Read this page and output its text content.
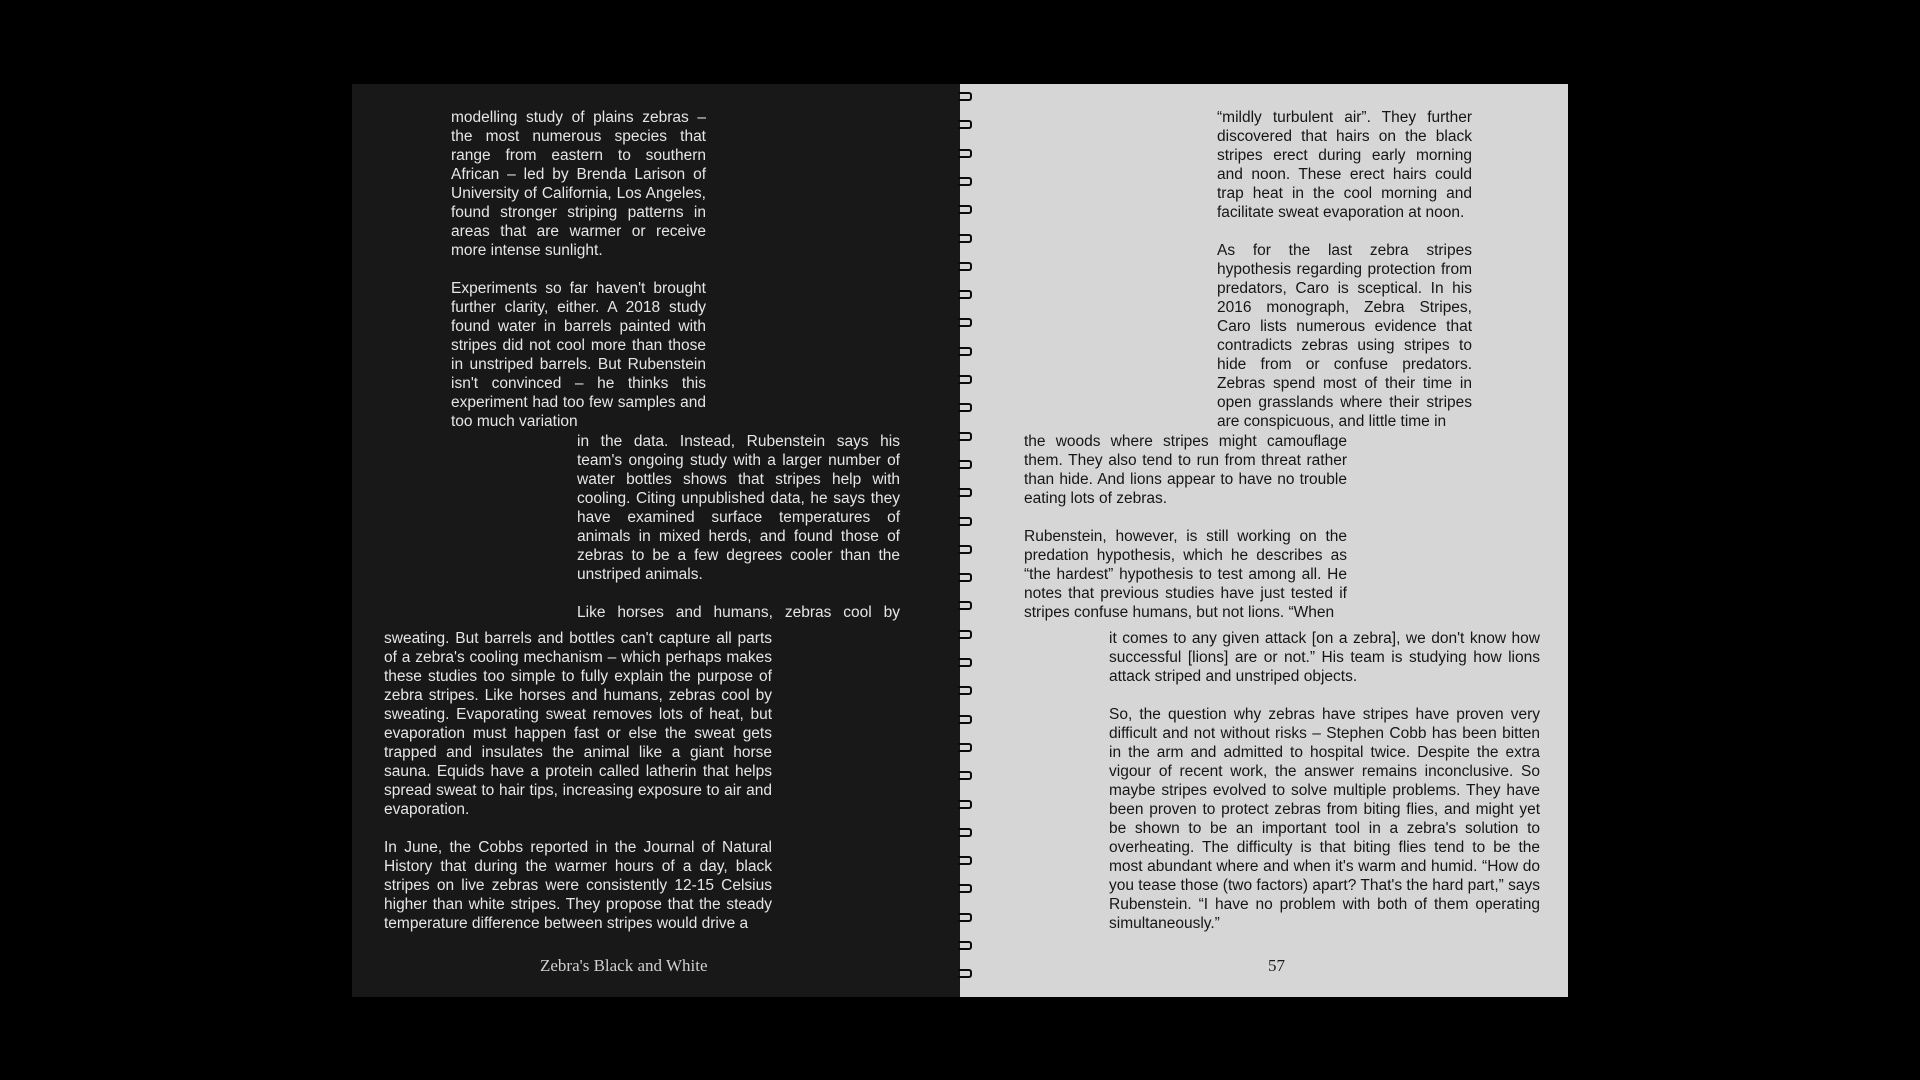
modelling study of plains zebras – the most numerous species that range from eastern to southern African – led by Brenda Larison of University of California, Los Angeles, found stronger striping patterns in areas that are warmer or receive more intense sunlight.

Experiments so far haven't brought further clarity, either. A 2018 study found water in barrels painted with stripes did not cool more than those in unstriped barrels. But Rubenstein isn't convinced – he thinks this experiment had too few samples and too much variation

in the data. Instead, Rubenstein says his team's ongoing study with a larger number of water bottles shows that stripes help with cooling. Citing unpublished data, he says they have examined surface temperatures of animals in mixed herds, and found those of zebras to be a few degrees cooler than the unstriped animals.

Like horses and humans, zebras cool by

sweating. But barrels and bottles can't capture all parts of a zebra's cooling mechanism – which perhaps makes these studies too simple to fully explain the purpose of zebra stripes. Like horses and humans, zebras cool by sweating. Evaporating sweat removes lots of heat, but evaporation must happen fast or else the sweat gets trapped and insulates the animal like a giant horse sauna. Equids have a protein called latherin that helps spread sweat to hair tips, increasing exposure to air and evaporation.

In June, the Cobbs reported in the Journal of Natural History that during the warmer hours of a day, black stripes on live zebras were consistently 12-15 Celsius higher than white stripes. They propose that the steady temperature difference between stripes would drive a

Zebra's Black and White

“mildly turbulent air”. They further discovered that hairs on the black stripes erect during early morning and noon. These erect hairs could trap heat in the cool morning and facilitate sweat evaporation at noon.

As for the last zebra stripes hypothesis regarding protection from predators, Caro is sceptical. In his 2016 monograph, Zebra Stripes, Caro lists numerous evidence that contradicts zebras using stripes to hide from or confuse predators. Zebras spend most of their time in open grasslands where their stripes are conspicuous, and little time in

the woods where stripes might camouflage them. They also tend to run from threat rather than hide. And lions appear to have no trouble eating lots of zebras.

Rubenstein, however, is still working on the predation hypothesis, which he describes as “the hardest” hypothesis to test among all. He notes that previous studies have just tested if stripes confuse humans, but not lions. “When

it comes to any given attack [on a zebra], we don't know how successful [lions] are or not.” His team is studying how lions attack striped and unstriped objects.

So, the question why zebras have stripes have proven very difficult and not without risks – Stephen Cobb has been bitten in the arm and admitted to hospital twice. Despite the extra vigour of recent work, the answer remains inconclusive. So maybe stripes evolved to solve multiple problems. They have been proven to protect zebras from biting flies, and might yet be shown to be an important tool in a zebra's solution to overheating. The difficulty is that biting flies tend to be the most abundant where and when it's warm and humid. “How do you tease those (two factors) apart? That's the hard part,” says Rubenstein. “I have no problem with both of them operating simultaneously.”

57
